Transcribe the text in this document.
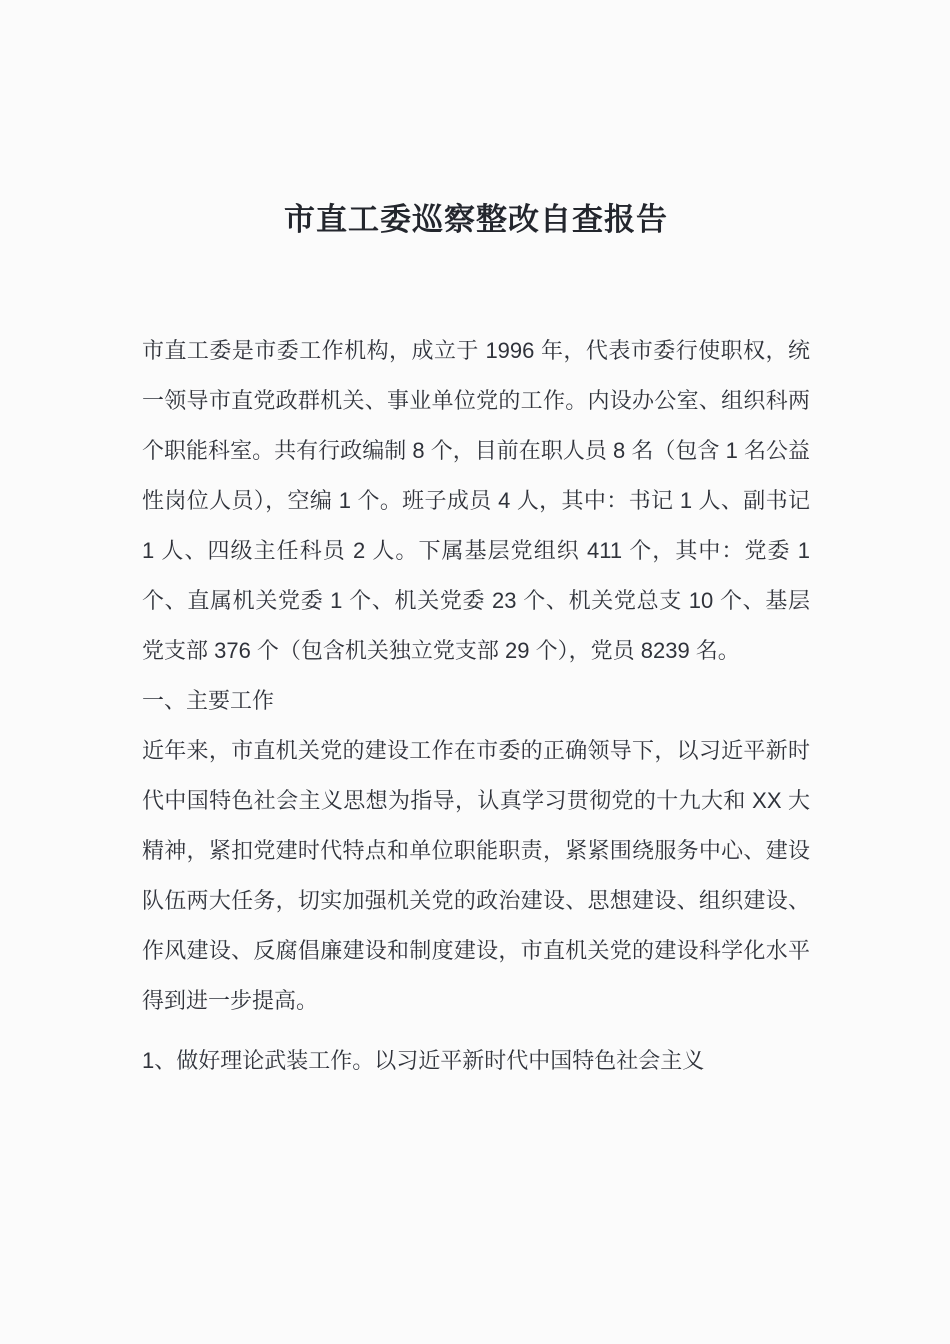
市直工委巡察整改自查报告

市直工委是市委工作机构，成立于 1996 年，代表市委行使职权，统一领导市直党政群机关、事业单位党的工作。内设办公室、组织科两个职能科室。共有行政编制 8 个，目前在职人员 8 名（包含 1 名公益性岗位人员），空编 1 个。班子成员 4 人，其中：书记 1 人、副书记 1 人、四级主任科员 2 人。下属基层党组织 411 个，其中：党委 1 个、直属机关党委 1 个、机关党委 23 个、机关党总支 10 个、基层党支部 376 个（包含机关独立党支部 29 个），党员 8239 名。

一、主要工作

近年来，市直机关党的建设工作在市委的正确领导下，以习近平新时代中国特色社会主义思想为指导，认真学习贯彻党的十九大和 XX 大精神，紧扣党建时代特点和单位职能职责，紧紧围绕服务中心、建设队伍两大任务，切实加强机关党的政治建设、思想建设、组织建设、作风建设、反腐倡廉建设和制度建设，市直机关党的建设科学化水平得到进一步提高。

1、做好理论武装工作。以习近平新时代中国特色社会主义
